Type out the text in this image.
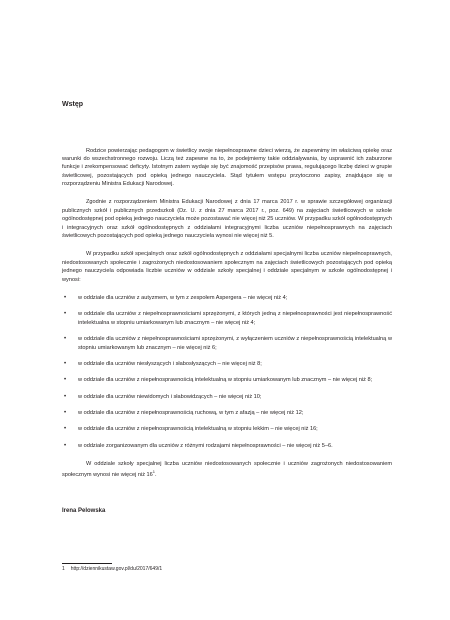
Wstęp

Rodzice powierzając pedagogom w świetlicy swoje niepełnosprawne dzieci wierzą, że zapewnimy im właściwą opiekę oraz warunki do wszechstronnego rozwoju. Liczą też zapewne na to, że podejmiemy takie oddziaływania, by usprawnić ich zaburzone funkcje i zrekompensować deficyty. Istotnym zatem wydaje się być znajomość przepisów prawa, regulującego liczbę dzieci w grupie świetlicowej, pozostających pod opieką jednego nauczyciela. Stąd tytułem wstępu przytoczono zapisy, znajdujące się w rozporządzeniu Ministra Edukacji Narodowej.

Zgodnie z rozporządzeniem Ministra Edukacji Narodowej z dnia 17 marca 2017 r. w sprawie szczegółowej organizacji publicznych szkół i publicznych przedszkoli (Dz. U. z dnia 27 marca 2017 r., poz. 649) na zajęciach świetlicowych w szkole ogólnodostępnej pod opieką jednego nauczyciela może pozostawać nie więcej niż 25 uczniów. W przypadku szkół ogólnodostępnych i integracyjnych oraz szkół ogólnodostępnych z oddziałami integracyjnymi liczba uczniów niepełnosprawnych na zajęciach świetlicowych pozostających pod opieką jednego nauczyciela wynosi nie więcej niż 5.

W przypadku szkół specjalnych oraz szkół ogólnodostępnych z oddziałami specjalnymi liczba uczniów niepełnosprawnych, niedostosowanych społecznie i zagrożonych niedostosowaniem społecznym na zajęciach świetlicowych pozostających pod opieką jednego nauczyciela odpowiada liczbie uczniów w oddziale szkoły specjalnej i oddziale specjalnym w szkole ogólnodostępnej i wynosi:

• w oddziale dla uczniów z autyzmem, w tym z zespołem Aspergera – nie więcej niż 4;
• w oddziale dla uczniów z niepełnosprawnościami sprzężonymi, z których jedną z niepełnosprawności jest niepełnosprawność intelektualna w stopniu umiarkowanym lub znacznym – nie więcej niż 4;
• w oddziale dla uczniów z niepełnosprawnościami sprzężonymi, z wyłączeniem uczniów z niepełnosprawnością intelektualną w stopniu umiarkowanym lub znacznym – nie więcej niż 6;
• w oddziale dla uczniów niesłyszących i słabosłyszących – nie więcej niż 8;
• w oddziale dla uczniów z niepełnosprawnością intelektualną w stopniu umiarkowanym lub znacznym – nie więcej niż 8;
• w oddziale dla uczniów niewidomych i słabowidzących – nie więcej niż 10;
• w oddziale dla uczniów z niepełnosprawnością ruchową, w tym z afazją – nie więcej niż 12;
• w oddziale dla uczniów z niepełnosprawnością intelektualną w stopniu lekkim – nie więcej niż 16;
• w oddziale zorganizowanym dla uczniów z różnymi rodzajami niepełnosprawności – nie więcej niż 5–6.

W oddziale szkoły specjalnej liczba uczniów niedostosowanych społecznie i uczniów zagrożonych niedostosowaniem społecznym wynosi nie więcej niż $16^1$.

Irena Pelowska
1 http://dziennikustaw.gov.pl/du/2017/649/1
